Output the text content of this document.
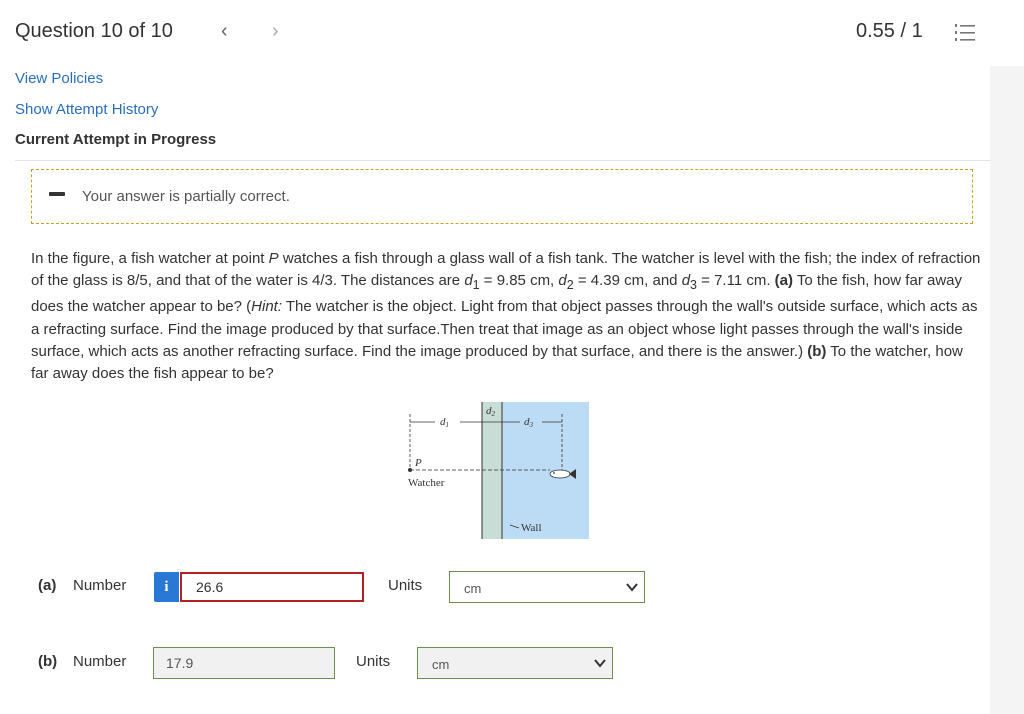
Question 10 of 10 ‹ ›	0.55 / 1
View Policies
Show Attempt History
Current Attempt in Progress
Your answer is partially correct.
In the figure, a fish watcher at point P watches a fish through a glass wall of a fish tank. The watcher is level with the fish; the index of refraction of the glass is 8/5, and that of the water is 4/3. The distances are $d_1 = 9.85$ cm, $d_2 = 4.39$ cm, and $d_3 = 7.11$ cm. (a) To the fish, how far away does the watcher appear to be? (Hint: The watcher is the object. Light from that object passes through the wall's outside surface, which acts as a refracting surface. Find the image produced by that surface.Then treat that image as an object whose light passes through the wall's inside surface, which acts as another refracting surface. Find the image produced by that surface, and there is the answer.) (b) To the watcher, how far away does the fish appear to be?
d1
d2
d3
P
Watcher
Wall
(a) Number	i	26.6	Units	cm
(b) Number	17.9	Units	cm
